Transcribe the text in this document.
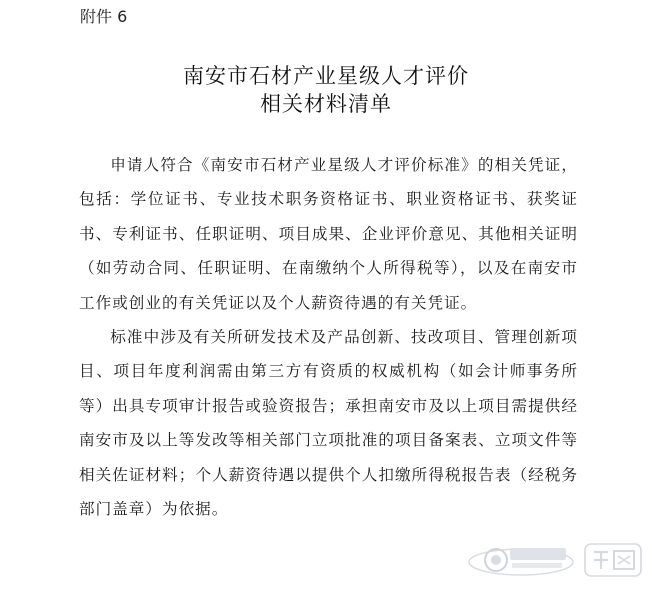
附件 6
南安市石材产业星级人才评价
相关材料清单

申请人符合《南安市石材产业星级人才评价标准》的相关凭证，包括：学位证书、专业技术职务资格证书、职业资格证书、获奖证书、专利证书、任职证明、项目成果、企业评价意见、其他相关证明（如劳动合同、任职证明、在南缴纳个人所得税等），以及在南安市工作或创业的有关凭证以及个人薪资待遇的有关凭证。

标准中涉及有关所研发技术及产品创新、技改项目、管理创新项目、项目年度利润需由第三方有资质的权威机构（如会计师事务所等）出具专项审计报告或验资报告；承担南安市及以上项目需提供经南安市及以上等发改等相关部门立项批准的项目备案表、立项文件等相关佐证材料；个人薪资待遇以提供个人扣缴所得税报告表（经税务部门盖章）为依据。
